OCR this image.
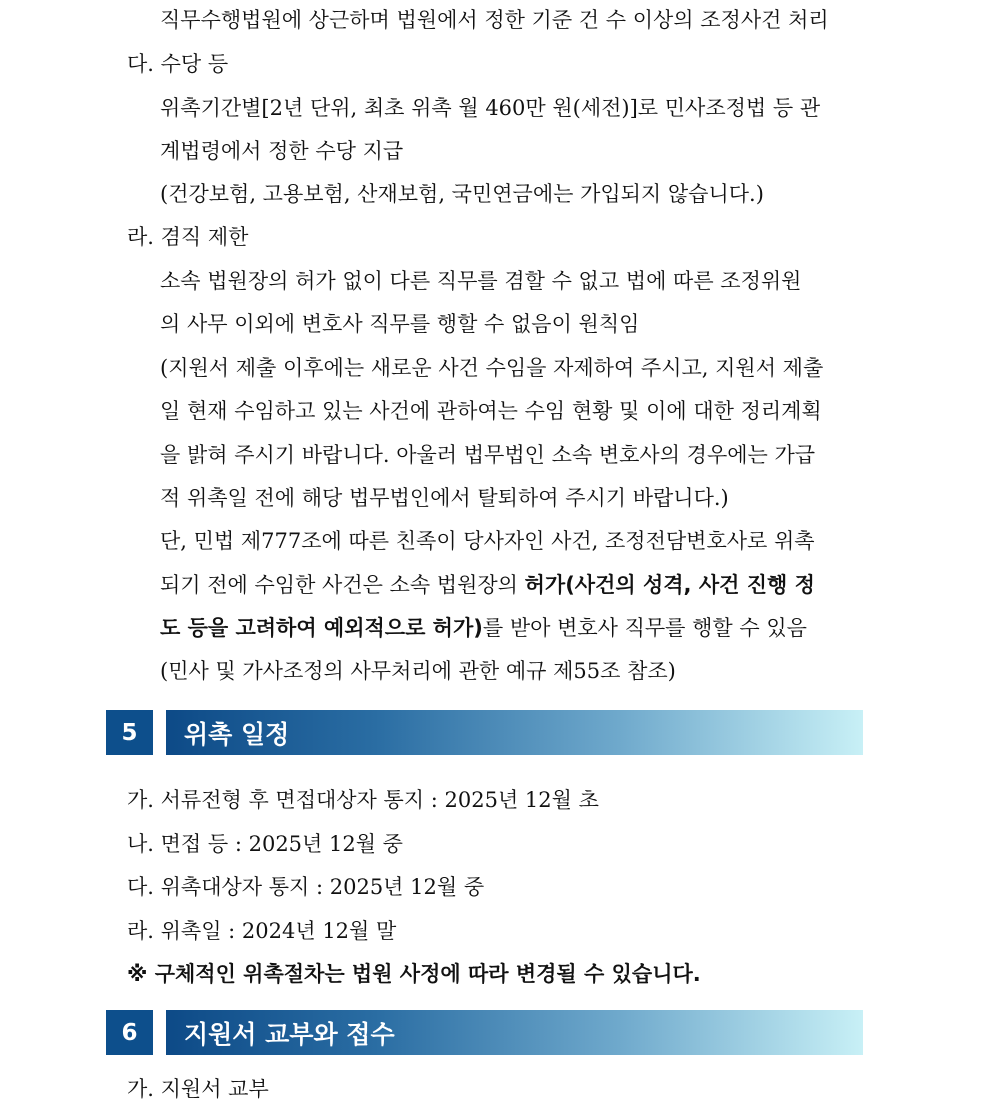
직무수행법원에 상근하며 법원에서 정한 기준 건 수 이상의 조정사건 처리
다. 수당 등
위촉기간별[2년 단위, 최초 위촉 월 460만 원(세전)]로 민사조정법 등 관
계법령에서 정한 수당 지급
(건강보험, 고용보험, 산재보험, 국민연금에는 가입되지 않습니다.)
라. 겸직 제한
소속 법원장의 허가 없이 다른 직무를 겸할 수 없고 법에 따른 조정위원
의 사무 이외에 변호사 직무를 행할 수 없음이 원칙임
(지원서 제출 이후에는 새로운 사건 수임을 자제하여 주시고, 지원서 제출
일 현재 수임하고 있는 사건에 관하여는 수임 현황 및 이에 대한 정리계획
을 밝혀 주시기 바랍니다. 아울러 법무법인 소속 변호사의 경우에는 가급
적 위촉일 전에 해당 법무법인에서 탈퇴하여 주시기 바랍니다.)
단, 민법 제777조에 따른 친족이 당사자인 사건, 조정전담변호사로 위촉
되기 전에 수임한 사건은 소속 법원장의 허가(사건의 성격, 사건 진행 정
도 등을 고려하여 예외적으로 허가)를 받아 변호사 직무를 행할 수 있음
(민사 및 가사조정의 사무처리에 관한 예규 제55조 참조)
5	위촉 일정
가. 서류전형 후 면접대상자 통지 : 2025년 12월 초
나. 면접 등 : 2025년 12월 중
다. 위촉대상자 통지 : 2025년 12월 중
라. 위촉일 : 2024년 12월 말
※ 구체적인 위촉절차는 법원 사정에 따라 변경될 수 있습니다.
6	지원서 교부와 접수
가. 지원서 교부
